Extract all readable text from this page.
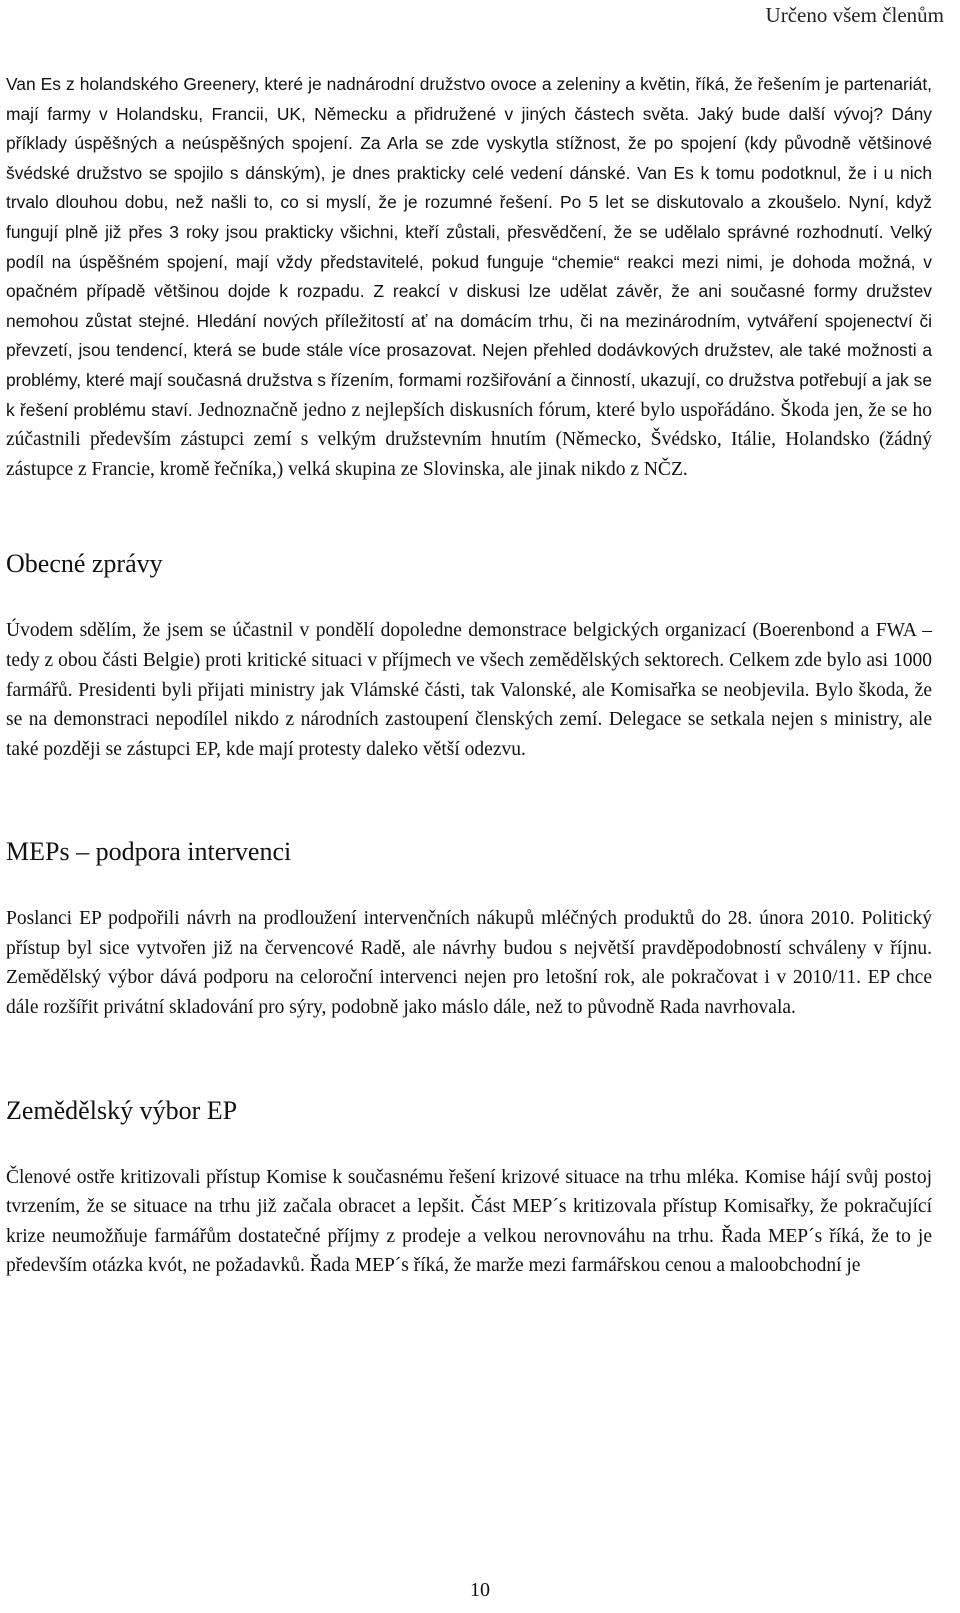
Určeno všem členům

Van Es z holandského Greenery, které je nadnárodní družstvo ovoce a zeleniny a květin, říká, že řešením je partenariát, mají farmy v Holandsku, Francii, UK, Německu a přidružené v jiných částech světa. Jaký bude další vývoj? Dány příklady úspěšných a neúspěšných spojení. Za Arla se zde vyskytla stížnost, že po spojení (kdy původně většinové švédské družstvo se spojilo s dánským), je dnes prakticky celé vedení dánské. Van Es k tomu podotknul, že i u nich trvalo dlouhou dobu, než našli to, co si myslí, že je rozumné řešení. Po 5 let se diskutovalo a zkoušelo. Nyní, když fungují plně již přes 3 roky jsou prakticky všichni, kteří zůstali, přesvědčení, že se udělalo správné rozhodnutí. Velký podíl na úspěšném spojení, mají vždy představitelé, pokud funguje “chemie“ reakci mezi nimi, je dohoda možná, v opačném případě většinou dojde k rozpadu. Z reakcí v diskusi lze udělat závěr, že ani současné formy družstev nemohou zůstat stejné. Hledání nových příležitostí ať na domácím trhu, či na mezinárodním, vytváření spojenectví či převzetí, jsou tendencí, která se bude stále více prosazovat. Nejen přehled dodávkových družstev, ale také možnosti a problémy, které mají současná družstva s řízením, formami rozšiřování a činností, ukazují, co družstva potřebují a jak se k řešení problému staví. Jednoznačně jedno z nejlepších diskusních fórum, které bylo uspořádáno. Škoda jen, že se ho zúčastnili především zástupci zemí s velkým družstevním hnutím (Německo, Švédsko, Itálie, Holandsko (žádný zástupce z Francie, kromě řečníka,) velká skupina ze Slovinska, ale jinak nikdo z NČZ.

Obecné zprávy

Úvodem sdělím, že jsem se účastnil v pondělí dopoledne demonstrace belgických organizací (Boerenbond a FWA – tedy z obou části Belgie) proti kritické situaci v příjmech ve všech zemědělských sektorech. Celkem zde bylo asi 1000 farmářů. Presidenti byli přijati ministry jak Vlámské části, tak Valonské, ale Komisařka se neobjevila. Bylo škoda, že se na demonstraci nepodílel nikdo z národních zastoupení členských zemí. Delegace se setkala nejen s ministry, ale také později se zástupci EP, kde mají protesty daleko větší odezvu.

MEPs – podpora intervenci

Poslanci EP podpořili návrh na prodloužení intervenčních nákupů mléčných produktů do 28. února 2010. Politický přístup byl sice vytvořen již na červencové Radě, ale návrhy budou s největší pravděpodobností schváleny v říjnu. Zemědělský výbor dává podporu na celoroční intervenci nejen pro letošní rok, ale pokračovat i v 2010/11. EP chce dále rozšířit privátní skladování pro sýry, podobně jako máslo dále, než to původně Rada navrhovala.

Zemědělský výbor EP

Členové ostře kritizovali přístup Komise k současnému řešení krizové situace na trhu mléka. Komise hájí svůj postoj tvrzením, že se situace na trhu již začala obracet a lepšit. Část MEP´s kritizovala přístup Komisařky, že pokračující krize neumožňuje farmářům dostatečné příjmy z prodeje a velkou nerovnováhu na trhu. Řada MEP´s říká, že to je především otázka kvót, ne požadavků. Řada MEP´s říká, že marže mezi farmářskou cenou a maloobchodní je

10
